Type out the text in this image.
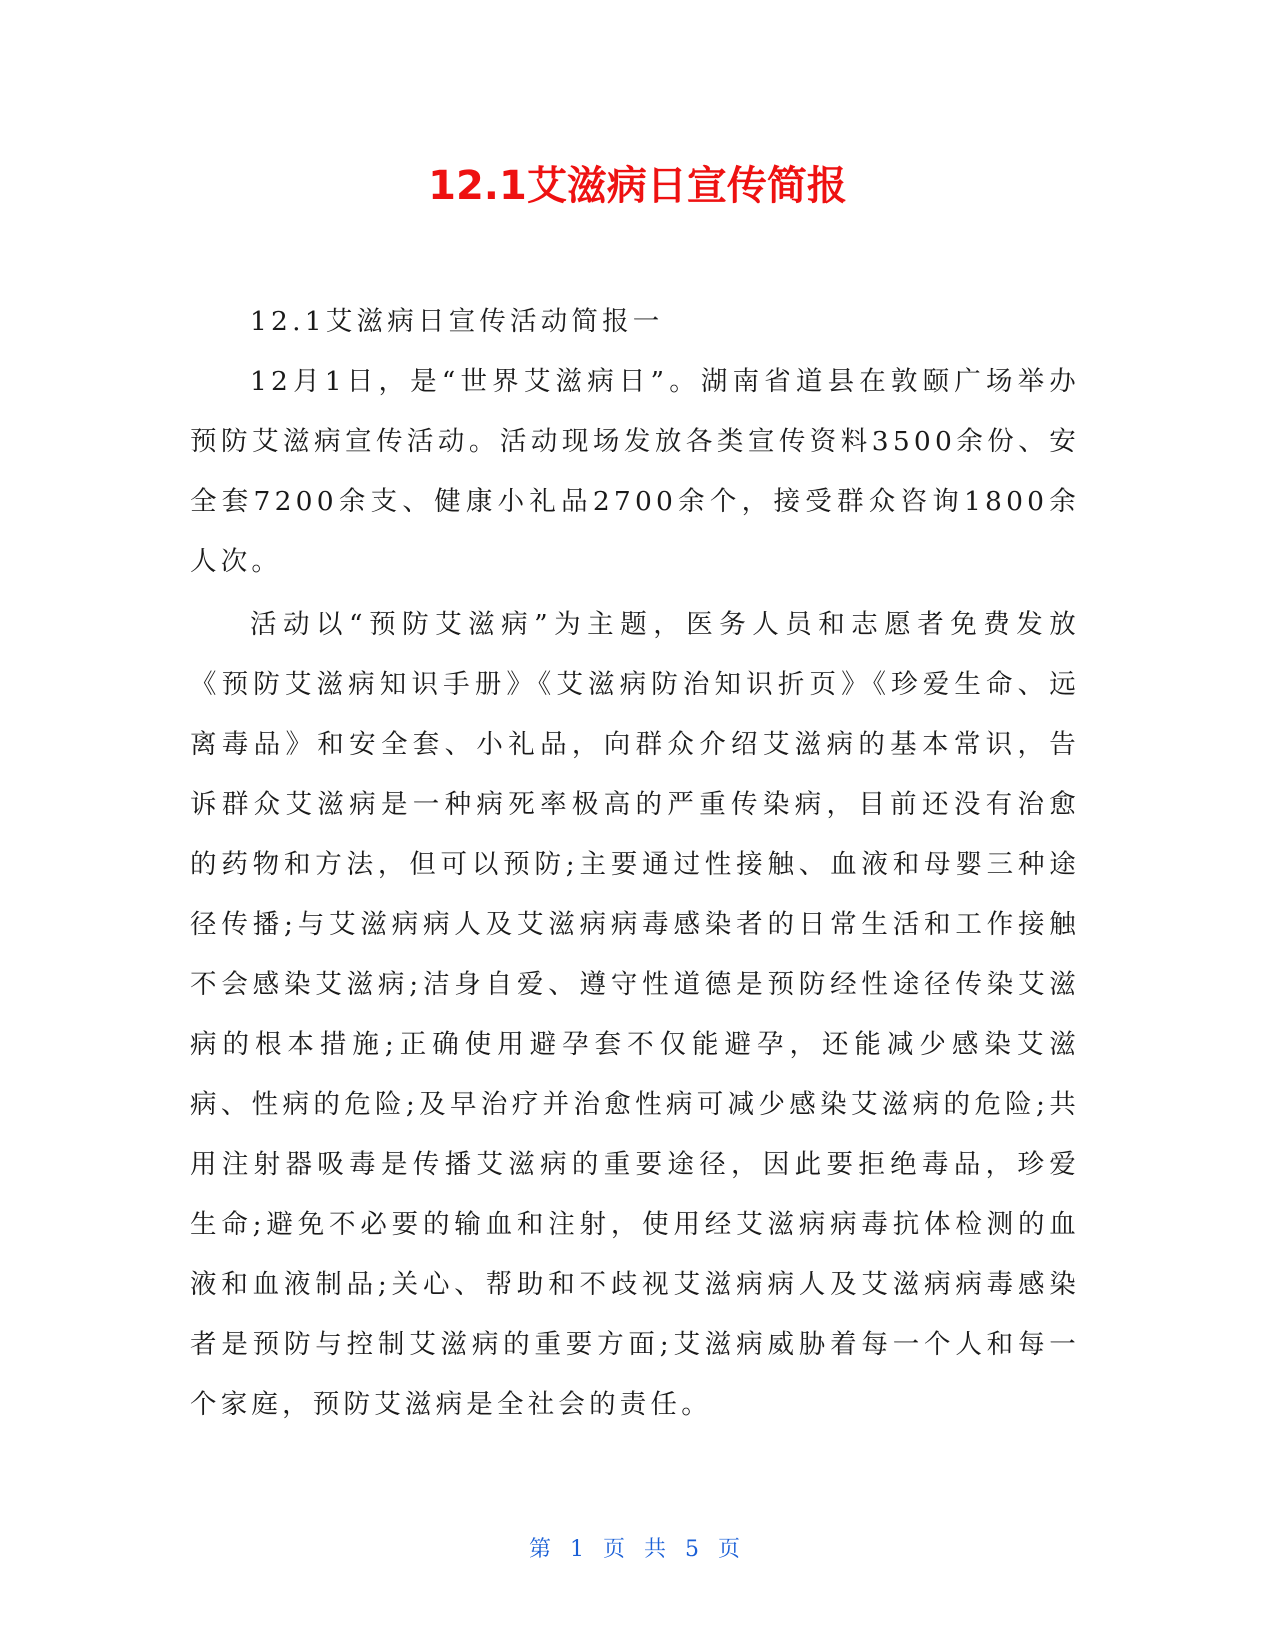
12.1艾滋病日宣传简报

12.1艾滋病日宣传活动简报一

12月1日，是“世界艾滋病日”。湖南省道县在敦颐广场举办预防艾滋病宣传活动。活动现场发放各类宣传资料3500余份、安全套7200余支、健康小礼品2700余个，接受群众咨询1800余人次。

活动以“预防艾滋病”为主题，医务人员和志愿者免费发放《预防艾滋病知识手册》《艾滋病防治知识折页》《珍爱生命、远离毒品》和安全套、小礼品，向群众介绍艾滋病的基本常识，告诉群众艾滋病是一种病死率极高的严重传染病，目前还没有治愈的药物和方法，但可以预防;主要通过性接触、血液和母婴三种途径传播;与艾滋病病人及艾滋病病毒感染者的日常生活和工作接触不会感染艾滋病;洁身自爱、遵守性道德是预防经性途径传染艾滋病的根本措施;正确使用避孕套不仅能避孕，还能减少感染艾滋病、性病的危险;及早治疗并治愈性病可减少感染艾滋病的危险;共用注射器吸毒是传播艾滋病的重要途径，因此要拒绝毒品，珍爱生命;避免不必要的输血和注射，使用经艾滋病病毒抗体检测的血液和血液制品;关心、帮助和不歧视艾滋病病人及艾滋病病毒感染者是预防与控制艾滋病的重要方面;艾滋病威胁着每一个人和每一个家庭，预防艾滋病是全社会的责任。

第 1 页 共 5 页
